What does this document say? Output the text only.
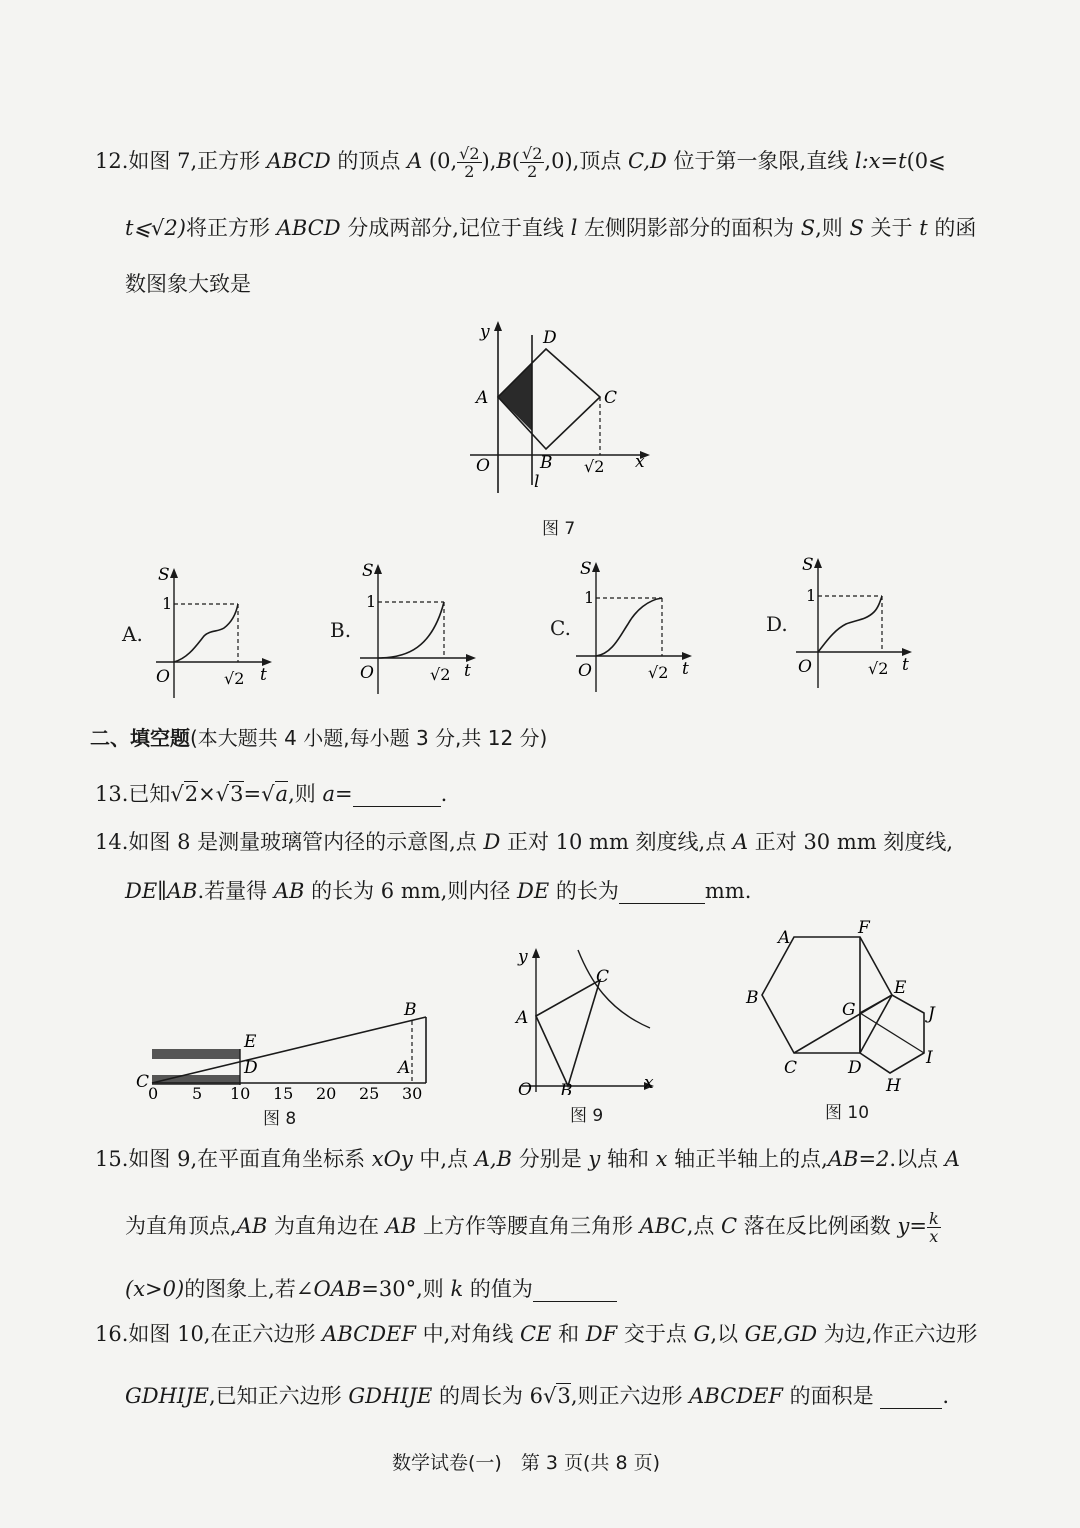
12.如图 7,正方形 ABCD 的顶点 A (0, $\frac{√2}{2} ),B( \frac{√2}{2} ,0)$,顶点 C,D 位于第一象限,直线 l:x=t(0⩽
t⩽√2)将正方形 ABCD 分成两部分,记位于直线 l 左侧阴影部分的面积为 S,则 S 关于 t 的函
数图象大致是
y
x
O
A
B
C
D
l
√2
图 7
A.
S
1
O	√2 t
B.
S
1
O	√2 t
C.
S
1
O	√2 t
D.
S
1
O	√2 t
二、填空题(本大题共 4 小题,每小题 3 分,共 12 分)
13.已知√2×√3=√a,则 a=	.
14.如图 8 是测量玻璃管内径的示意图,点 D 正对 10 mm 刻度线,点 A 正对 30 mm 刻度线,
DE∥AB.若量得 AB 的长为 6 mm,则内径 DE 的长为	mm.
B
E
C
D	A
0 5 10 15 20 25 30
图 8
y
x
O
A
B
C
图 9
A	F
B	E
G	J
C	D	I
H
图 10
15.如图 9,在平面直角坐标系 xOy 中,点 A,B 分别是 y 轴和 x 轴正半轴上的点,AB=2.以点 A
为直角顶点,AB 为直角边在 AB 上方作等腰直角三角形 ABC,点 C 落在反比例函数 $y= \frac{k}{x}$
(x>0)的图象上,若∠OAB=30°,则 k 的值为
16.如图 10,在正六边形 ABCDEF 中,对角线 CE 和 DF 交于点 G,以 GE,GD 为边,作正六边形
GDHIJE,已知正六边形 GDHIJE 的周长为 6√3,则正六边形 ABCDEF 的面积是	.
数学试卷(一)　第 3 页(共 8 页)
